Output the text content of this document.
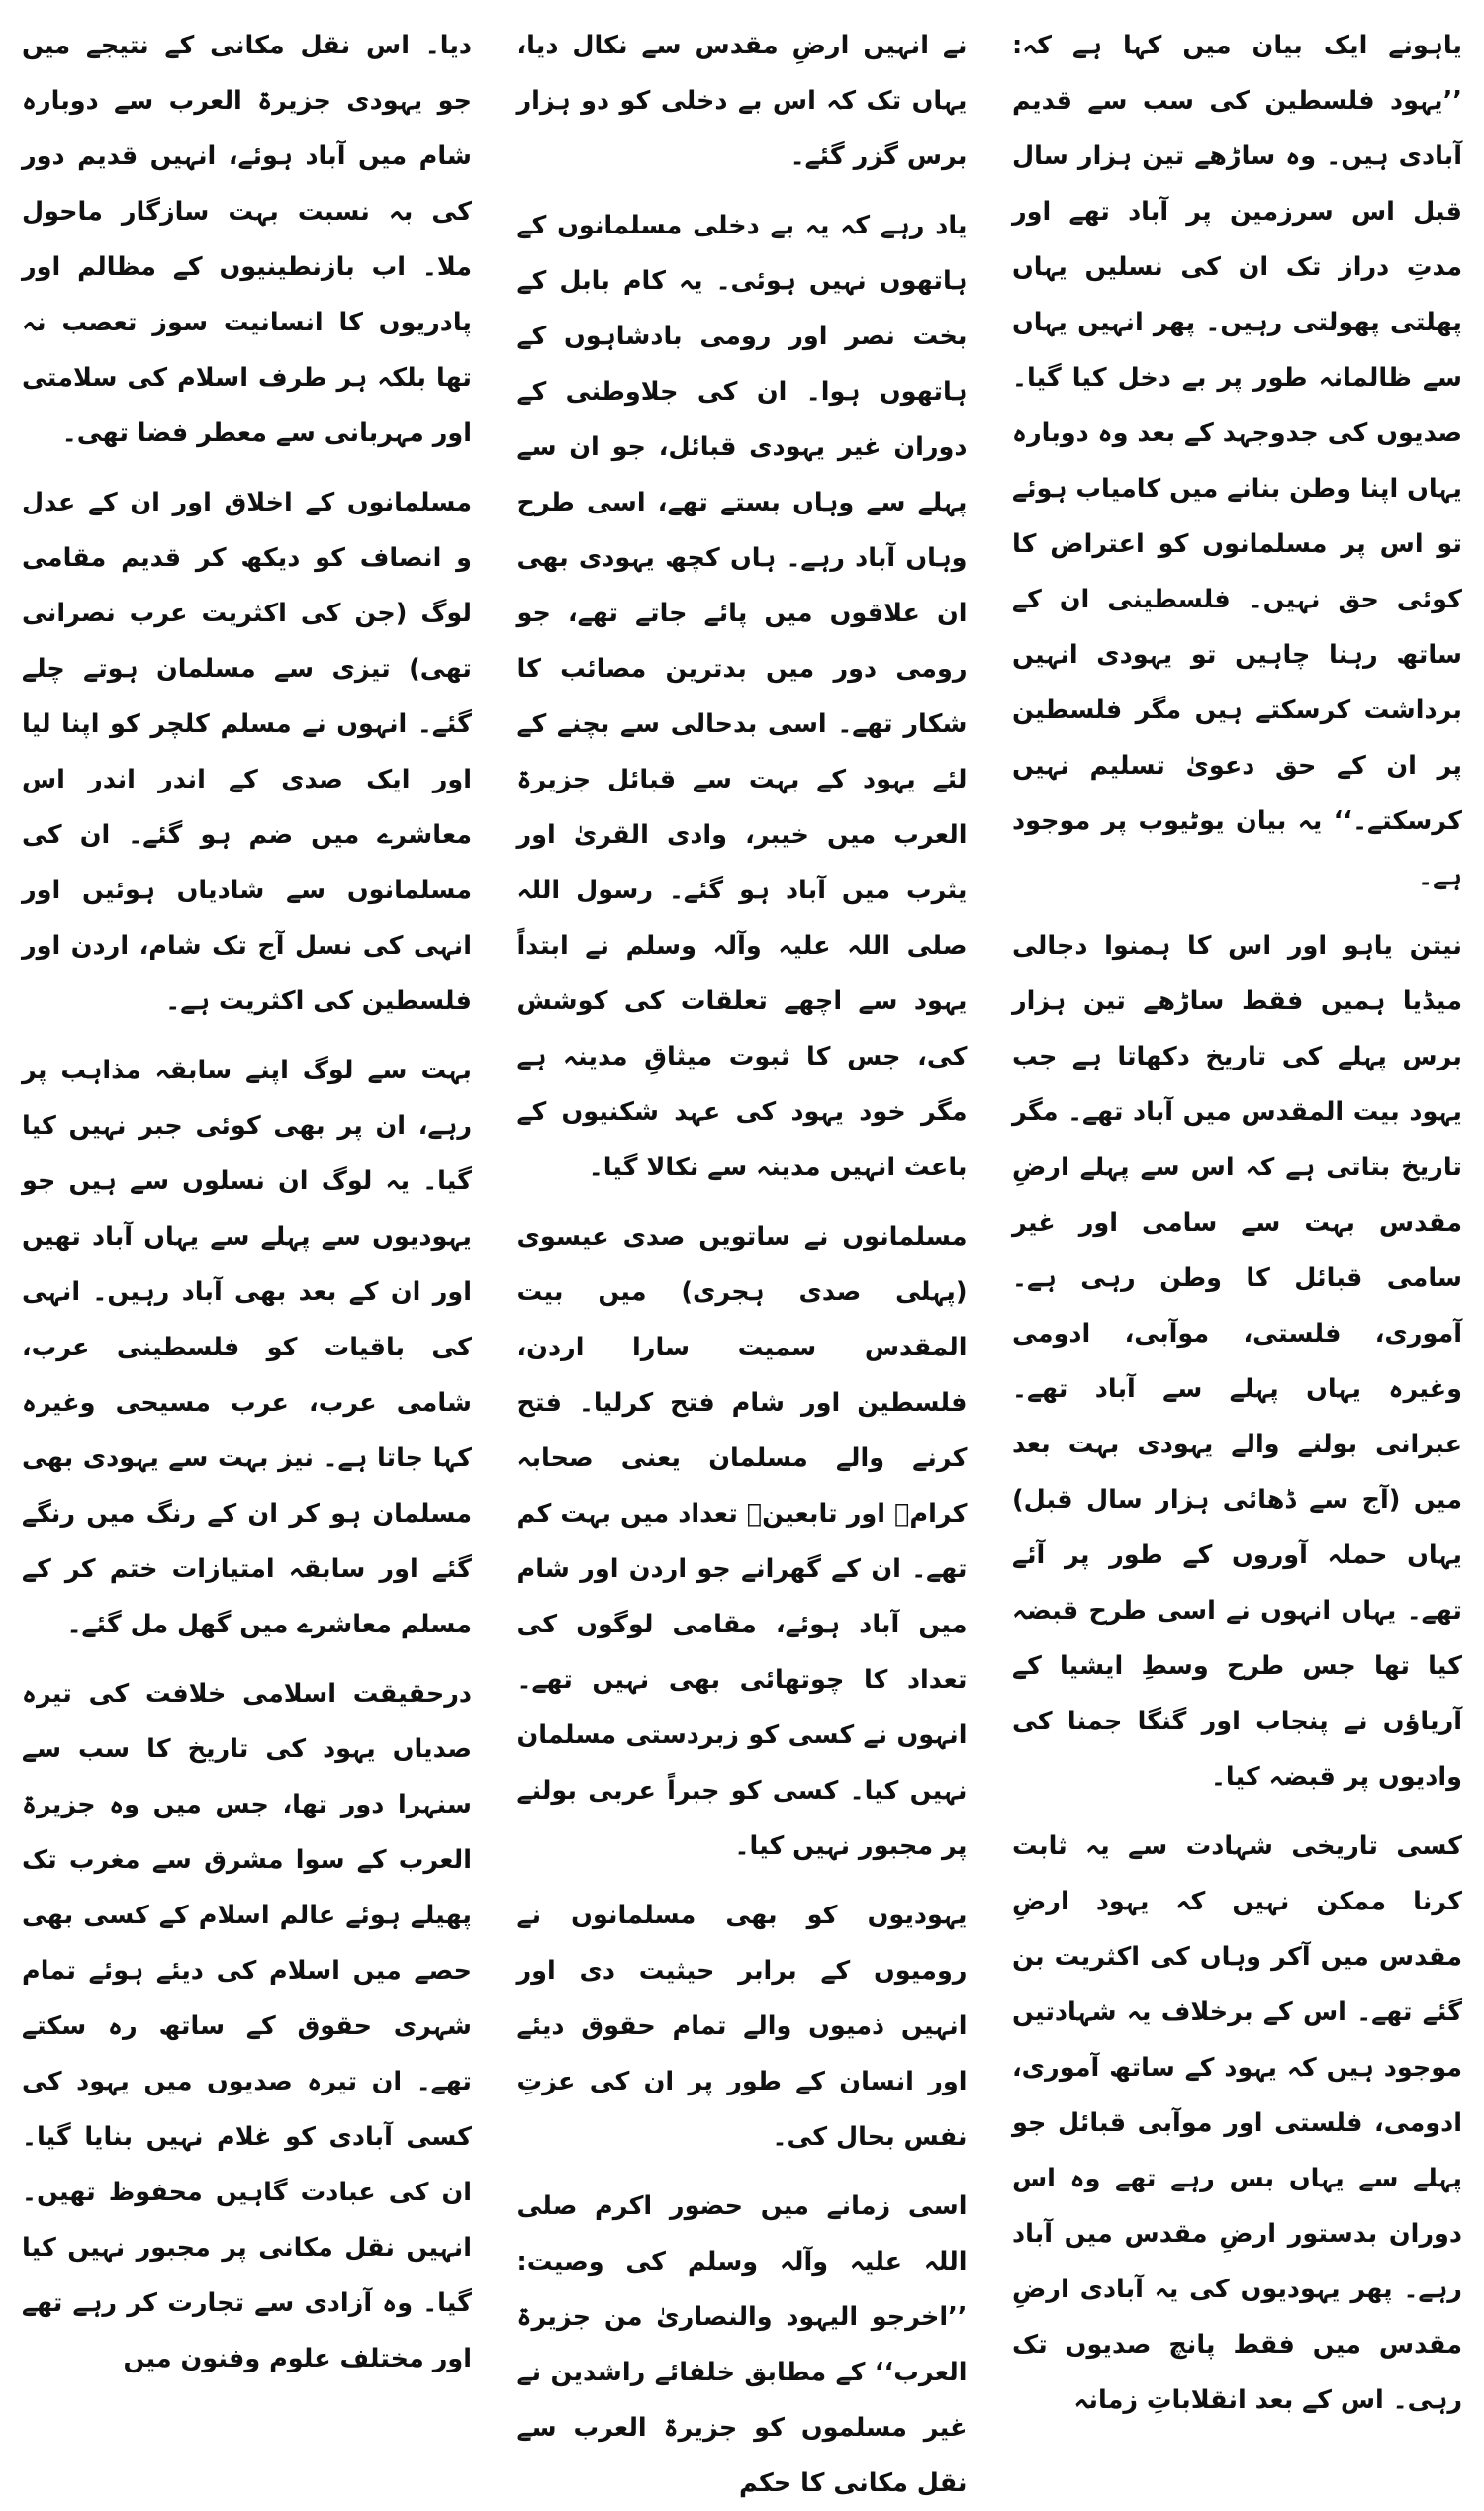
یاہونے ایک بیان میں کہا ہے کہ: ’’یہود فلسطین کی سب سے قدیم آبادی ہیں۔ وہ ساڑھے تین ہزار سال قبل اس سرزمین پر آباد تھے اور مدتِ دراز تک ان کی نسلیں یہاں پھلتی پھولتی رہیں۔ پھر انہیں یہاں سے ظالمانہ طور پر بے دخل کیا گیا۔ صدیوں کی جدوجہد کے بعد وہ دوبارہ یہاں اپنا وطن بنانے میں کامیاب ہوئے تو اس پر مسلمانوں کو اعتراض کا کوئی حق نہیں۔ فلسطینی ان کے ساتھ رہنا چاہیں تو یہودی انہیں برداشت کرسکتے ہیں مگر فلسطین پر ان کے حق دعویٰ تسلیم نہیں کرسکتے۔‘‘ یہ بیان یوٹیوب پر موجود ہے۔

نیتن یاہو اور اس کا ہمنوا دجالی میڈیا ہمیں فقط ساڑھے تین ہزار برس پہلے کی تاریخ دکھاتا ہے جب یہود بیت المقدس میں آباد تھے۔ مگر تاریخ بتاتی ہے کہ اس سے پہلے ارضِ مقدس بہت سے سامی اور غیر سامی قبائل کا وطن رہی ہے۔ آموری، فلستی، موآبی، ادومی وغیرہ یہاں پہلے سے آباد تھے۔ عبرانی بولنے والے یہودی بہت بعد میں (آج سے ڈھائی ہزار سال قبل) یہاں حملہ آوروں کے طور پر آئے تھے۔ یہاں انہوں نے اسی طرح قبضہ کیا تھا جس طرح وسطِ ایشیا کے آریاؤں نے پنجاب اور گنگا جمنا کی وادیوں پر قبضہ کیا۔

کسی تاریخی شہادت سے یہ ثابت کرنا ممکن نہیں کہ یہود ارضِ مقدس میں آکر وہاں کی اکثریت بن گئے تھے۔ اس کے برخلاف یہ شہادتیں موجود ہیں کہ یہود کے ساتھ آموری، ادومی، فلستی اور موآبی قبائل جو پہلے سے یہاں بس رہے تھے وہ اس دوران بدستور ارضِ مقدس میں آباد رہے۔ پھر یہودیوں کی یہ آبادی ارضِ مقدس میں فقط پانچ صدیوں تک رہی۔ اس کے بعد انقلاباتِ زمانہ

نے انہیں ارضِ مقدس سے نکال دیا، یہاں تک کہ اس بے دخلی کو دو ہزار برس گزر گئے۔

یاد رہے کہ یہ بے دخلی مسلمانوں کے ہاتھوں نہیں ہوئی۔ یہ کام بابل کے بخت نصر اور رومی بادشاہوں کے ہاتھوں ہوا۔ ان کی جلاوطنی کے دوران غیر یہودی قبائل، جو ان سے پہلے سے وہاں بستے تھے، اسی طرح وہاں آباد رہے۔ ہاں کچھ یہودی بھی ان علاقوں میں پائے جاتے تھے، جو رومی دور میں بدترین مصائب کا شکار تھے۔ اسی بدحالی سے بچنے کے لئے یہود کے بہت سے قبائل جزیرۃ العرب میں خیبر، وادی القریٰ اور یثرب میں آباد ہو گئے۔ رسول اللہ صلی اللہ علیہ وآلہ وسلم نے ابتداً یہود سے اچھے تعلقات کی کوشش کی، جس کا ثبوت میثاقِ مدینہ ہے مگر خود یہود کی عہد شکنیوں کے باعث انہیں مدینہ سے نکالا گیا۔

مسلمانوں نے ساتویں صدی عیسوی (پہلی صدی ہجری) میں بیت المقدس سمیت سارا اردن، فلسطین اور شام فتح کرلیا۔ فتح کرنے والے مسلمان یعنی صحابہ کرامؓ اور تابعینؒ تعداد میں بہت کم تھے۔ ان کے گھرانے جو اردن اور شام میں آباد ہوئے، مقامی لوگوں کی تعداد کا چوتھائی بھی نہیں تھے۔ انہوں نے کسی کو زبردستی مسلمان نہیں کیا۔ کسی کو جبراً عربی بولنے پر مجبور نہیں کیا۔

یہودیوں کو بھی مسلمانوں نے رومیوں کے برابر حیثیت دی اور انہیں ذمیوں والے تمام حقوق دیئے اور انسان کے طور پر ان کی عزتِ نفس بحال کی۔

اسی زمانے میں حضور اکرم صلی اللہ علیہ وآلہ وسلم کی وصیت: ’’اخرجو الیہود والنصاریٰ من جزیرۃ العرب‘‘ کے مطابق خلفائے راشدین نے غیر مسلموں کو جزیرۃ العرب سے نقل مکانی کا حکم

دیا۔ اس نقل مکانی کے نتیجے میں جو یہودی جزیرۃ العرب سے دوبارہ شام میں آباد ہوئے، انہیں قدیم دور کی بہ نسبت بہت سازگار ماحول ملا۔ اب بازنطینیوں کے مظالم اور پادریوں کا انسانیت سوز تعصب نہ تھا بلکہ ہر طرف اسلام کی سلامتی اور مہربانی سے معطر فضا تھی۔

مسلمانوں کے اخلاق اور ان کے عدل و انصاف کو دیکھ کر قدیم مقامی لوگ (جن کی اکثریت عرب نصرانی تھی) تیزی سے مسلمان ہوتے چلے گئے۔ انہوں نے مسلم کلچر کو اپنا لیا اور ایک صدی کے اندر اندر اس معاشرے میں ضم ہو گئے۔ ان کی مسلمانوں سے شادیاں ہوئیں اور انہی کی نسل آج تک شام، اردن اور فلسطین کی اکثریت ہے۔

بہت سے لوگ اپنے سابقہ مذاہب پر رہے، ان پر بھی کوئی جبر نہیں کیا گیا۔ یہ لوگ ان نسلوں سے ہیں جو یہودیوں سے پہلے سے یہاں آباد تھیں اور ان کے بعد بھی آباد رہیں۔ انہی کی باقیات کو فلسطینی عرب، شامی عرب، عرب مسیحی وغیرہ کہا جاتا ہے۔ نیز بہت سے یہودی بھی مسلمان ہو کر ان کے رنگ میں رنگے گئے اور سابقہ امتیازات ختم کر کے مسلم معاشرے میں گھل مل گئے۔

درحقیقت اسلامی خلافت کی تیرہ صدیاں یہود کی تاریخ کا سب سے سنہرا دور تھا، جس میں وہ جزیرۃ العرب کے سوا مشرق سے مغرب تک پھیلے ہوئے عالم اسلام کے کسی بھی حصے میں اسلام کی دیئے ہوئے تمام شہری حقوق کے ساتھ رہ سکتے تھے۔ ان تیرہ صدیوں میں یہود کی کسی آبادی کو غلام نہیں بنایا گیا۔ ان کی عبادت گاہیں محفوظ تھیں۔ انہیں نقل مکانی پر مجبور نہیں کیا گیا۔ وہ آزادی سے تجارت کر رہے تھے اور مختلف علوم وفنون میں
